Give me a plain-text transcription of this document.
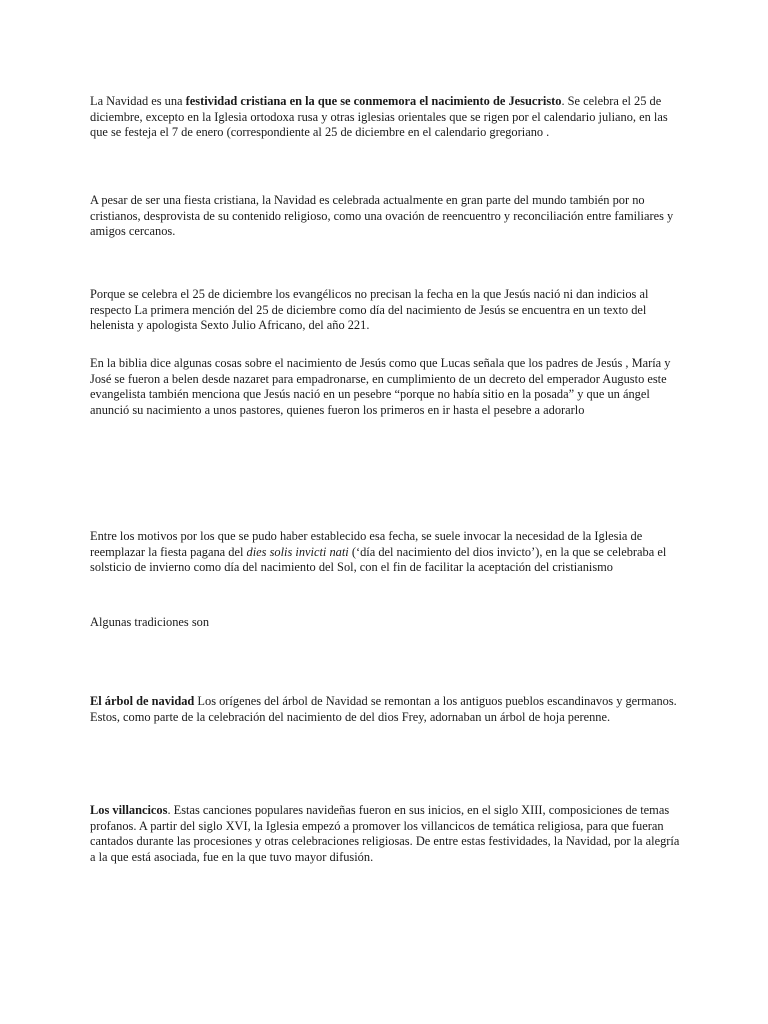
La Navidad es una festividad cristiana en la que se conmemora el nacimiento de Jesucristo. Se celebra el 25 de diciembre, excepto en la Iglesia ortodoxa rusa y otras iglesias orientales que se rigen por el calendario juliano, en las que se festeja el 7 de enero (correspondiente al 25 de diciembre en el calendario gregoriano .

A pesar de ser una fiesta cristiana, la Navidad es celebrada actualmente en gran parte del mundo también por no cristianos, desprovista de su contenido religioso, como una ovación de reencuentro y reconciliación entre familiares y amigos cercanos.

Porque se celebra el 25 de diciembre los evangélicos no precisan la fecha en la que Jesús nació ni dan indicios al respecto La primera mención del 25 de diciembre como día del nacimiento de Jesús se encuentra en un texto del helenista y apologista Sexto Julio Africano, del año 221.

En la biblia dice algunas cosas sobre el nacimiento de Jesús como que Lucas señala que los padres de Jesús , María y José se fueron a belen desde nazaret para empadronarse, en cumplimiento de un decreto del emperador Augusto este evangelista también menciona que Jesús nació en un pesebre “porque no había sitio en la posada” y que un ángel anunció su nacimiento a unos pastores, quienes fueron los primeros en ir hasta el pesebre a adorarlo

Entre los motivos por los que se pudo haber establecido esa fecha, se suele invocar la necesidad de la Iglesia de reemplazar la fiesta pagana del dies solis invicti nati (‘día del nacimiento del dios invicto’), en la que se celebraba el solsticio de invierno como día del nacimiento del Sol, con el fin de facilitar la aceptación del cristianismo

Algunas tradiciones son

El árbol de navidad Los orígenes del árbol de Navidad se remontan a los antiguos pueblos escandinavos y germanos. Estos, como parte de la celebración del nacimiento de del dios Frey, adornaban un árbol de hoja perenne.

Los villancicos. Estas canciones populares navideñas fueron en sus inicios, en el siglo XIII, composiciones de temas profanos. A partir del siglo XVI, la Iglesia empezó a promover los villancicos de temática religiosa, para que fueran cantados durante las procesiones y otras celebraciones religiosas. De entre estas festividades, la Navidad, por la alegría a la que está asociada, fue en la que tuvo mayor difusión.
